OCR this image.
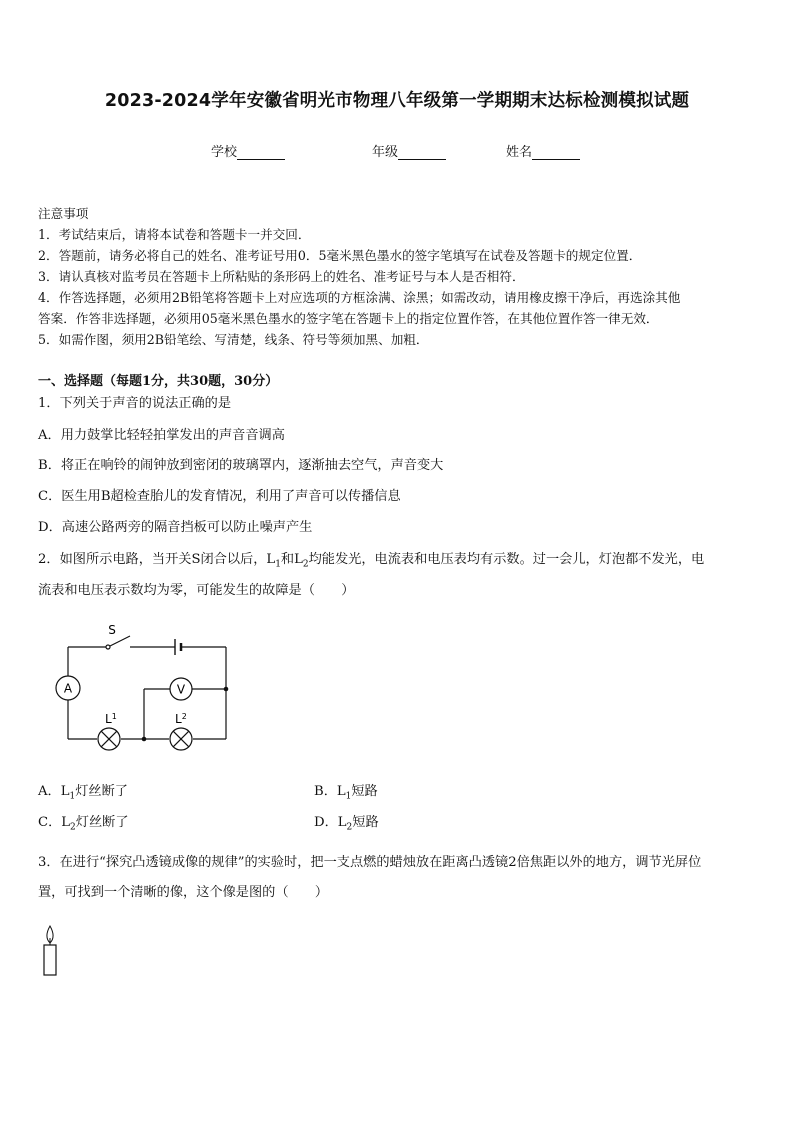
2023-2024学年安徽省明光市物理八年级第一学期期末达标检测模拟试题
学校	年级	姓名
注意事项
1．考试结束后，请将本试卷和答题卡一并交回．
2．答题前，请务必将自己的姓名、准考证号用0．5毫米黑色墨水的签字笔填写在试卷及答题卡的规定位置．
3．请认真核对监考员在答题卡上所粘贴的条形码上的姓名、准考证号与本人是否相符．
4．作答选择题，必须用2B铅笔将答题卡上对应选项的方框涂满、涂黑；如需改动，请用橡皮擦干净后，再选涂其他
答案．作答非选择题，必须用05毫米黑色墨水的签字笔在答题卡上的指定位置作答，在其他位置作答一律无效．
5．如需作图，须用2B铅笔绘、写清楚，线条、符号等须加黑、加粗．
一、选择题（每题1分，共30题，30分）
1．下列关于声音的说法正确的是
A．用力鼓掌比轻轻拍掌发出的声音音调高
B．将正在响铃的闹钟放到密闭的玻璃罩内，逐渐抽去空气，声音变大
C．医生用B超检查胎儿的发育情况，利用了声音可以传播信息
D．高速公路两旁的隔音挡板可以防止噪声产生
2．如图所示电路，当开关S闭合以后，$L_1$和$L_2$均能发光，电流表和电压表均有示数。过一会儿，灯泡都不发光，电
流表和电压表示数均为零，可能发生的故障是（　　）
A	V
S
$L^1$	$L^2$
A．$L_1$灯丝断了	B．$L_1$短路
C．$L_2$灯丝断了	D．$L_2$短路
3．在进行“探究凸透镜成像的规律”的实验时，把一支点燃的蜡烛放在距离凸透镜2倍焦距以外的地方，调节光屏位
置，可找到一个清晰的像，这个像是图的（　　）
